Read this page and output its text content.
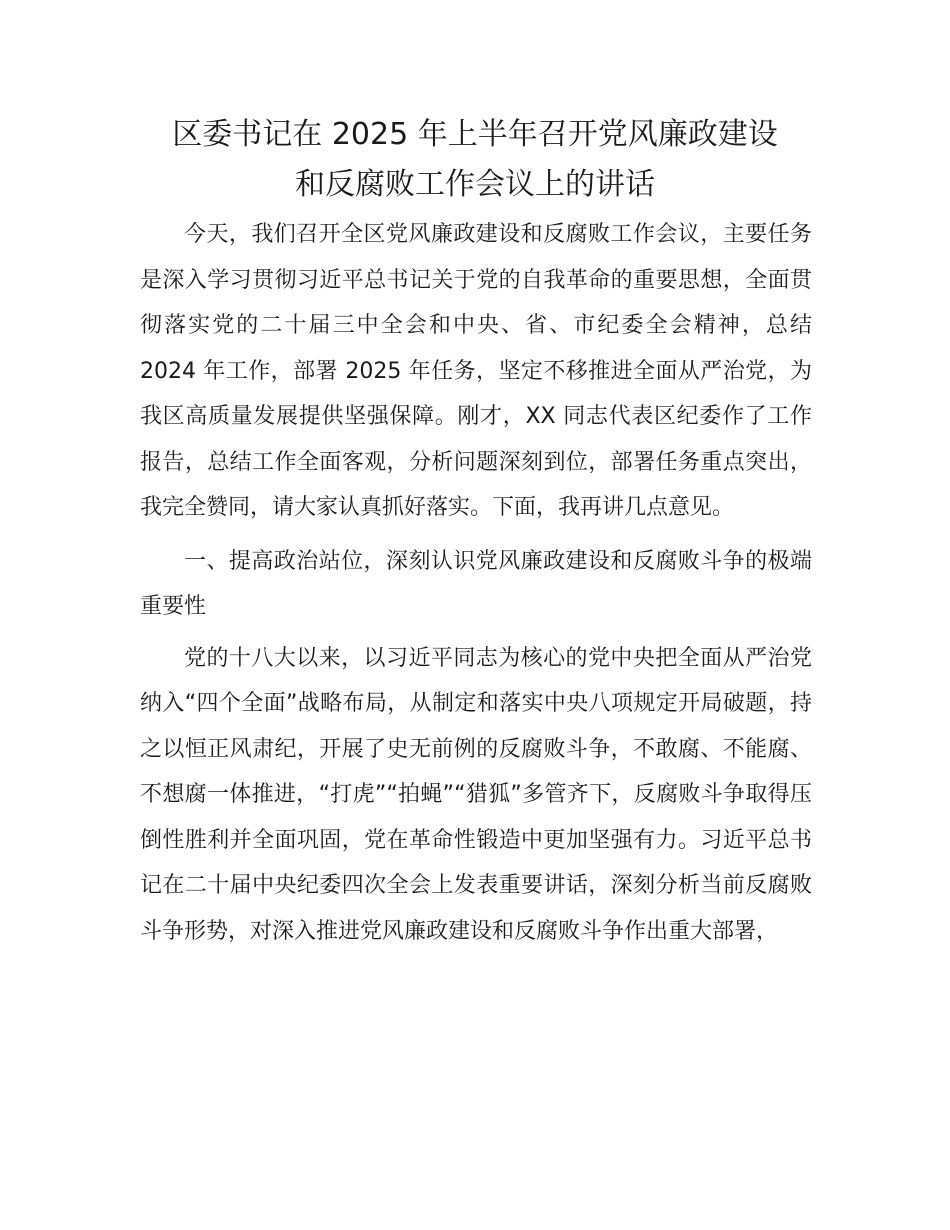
区委书记在 2025 年上半年召开党风廉政建设

和反腐败工作会议上的讲话

今天，我们召开全区党风廉政建设和反腐败工作会议，主要任务是深入学习贯彻习近平总书记关于党的自我革命的重要思想，全面贯彻落实党的二十届三中全会和中央、省、市纪委全会精神，总结 2024 年工作，部署 2025 年任务，坚定不移推进全面从严治党，为我区高质量发展提供坚强保障。刚才，XX 同志代表区纪委作了工作报告，总结工作全面客观，分析问题深刻到位，部署任务重点突出，我完全赞同，请大家认真抓好落实。下面，我再讲几点意见。

一、提高政治站位，深刻认识党风廉政建设和反腐败斗争的极端重要性

党的十八大以来，以习近平同志为核心的党中央把全面从严治党纳入“四个全面”战略布局，从制定和落实中央八项规定开局破题，持之以恒正风肃纪，开展了史无前例的反腐败斗争，不敢腐、不能腐、不想腐一体推进，“打虎”“拍蝇”“猎狐”多管齐下，反腐败斗争取得压倒性胜利并全面巩固，党在革命性锻造中更加坚强有力。习近平总书记在二十届中央纪委四次全会上发表重要讲话，深刻分析当前反腐败斗争形势，对深入推进党风廉政建设和反腐败斗争作出重大部署，
